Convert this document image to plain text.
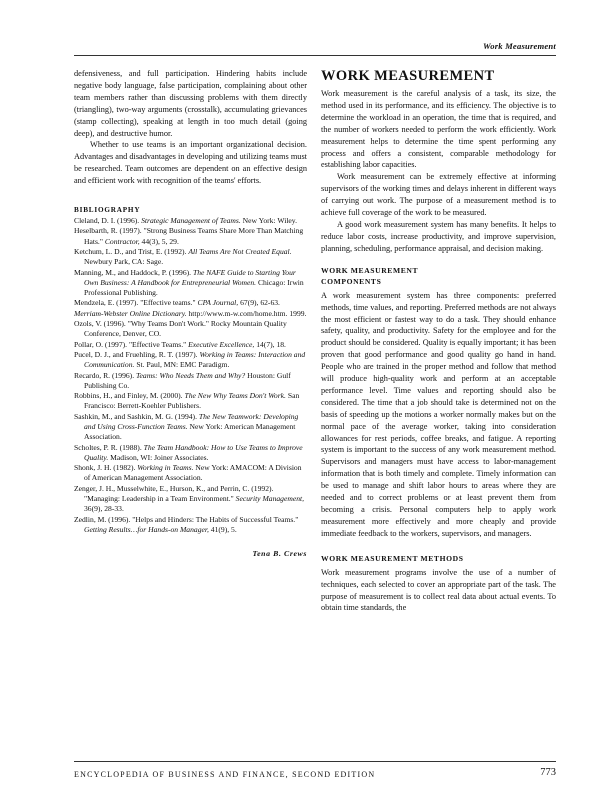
Work Measurement

defensiveness, and full participation. Hindering habits include negative body language, false participation, complaining about other team members rather than discussing problems with them directly (triangling), two-way arguments (crosstalk), accumulating grievances (stamp collecting), speaking at length in too much detail (going deep), and destructive humor.

Whether to use teams is an important organizational decision. Advantages and disadvantages in developing and utilizing teams must be researched. Team outcomes are dependent on an effective design and efficient work with recognition of the teams' efforts.

BIBLIOGRAPHY

Cleland, D. I. (1996). Strategic Management of Teams. New York: Wiley.

Heselbarth, R. (1997). "Strong Business Teams Share More Than Matching Hats." Contractor, 44(3), 5, 29.

Ketchum, L. D., and Trist, E. (1992). All Teams Are Not Created Equal. Newbury Park, CA: Sage.

Manning, M., and Haddock, P. (1996). The NAFE Guide to Starting Your Own Business: A Handbook for Entrepreneurial Women. Chicago: Irwin Professional Publishing.

Mendzela, E. (1997). "Effective teams." CPA Journal, 67(9), 62-63.

Merriam-Webster Online Dictionary. http://www.m-w.com/home.htm. 1999.

Ozols, V. (1996). "Why Teams Don't Work." Rocky Mountain Quality Conference, Denver, CO.

Pollar, O. (1997). "Effective Teams." Executive Excellence, 14(7), 18.

Pucel, D. J., and Fruehling, R. T. (1997). Working in Teams: Interaction and Communication. St. Paul, MN: EMC Paradigm.

Recardo, R. (1996). Teams: Who Needs Them and Why? Houston: Gulf Publishing Co.

Robbins, H., and Finley, M. (2000). The New Why Teams Don't Work. San Francisco: Berrett-Koehler Publishers.

Sashkin, M., and Sashkin, M. G. (1994). The New Teamwork: Developing and Using Cross-Function Teams. New York: American Management Association.

Scholtes, P. R. (1988). The Team Handbook: How to Use Teams to Improve Quality. Madison, WI: Joiner Associates.

Shonk, J. H. (1982). Working in Teams. New York: AMACOM: A Division of American Management Association.

Zenger, J. H., Musselwhite, E., Hurson, K., and Perrin, C. (1992). "Managing: Leadership in a Team Environment." Security Management, 36(9), 28-33.

Zedlin, M. (1996). "Helps and Hinders: The Habits of Successful Teams." Getting Results…for Hands-on Manager, 41(9), 5.

Tena B. Crews
WORK MEASUREMENT

Work measurement is the careful analysis of a task, its size, the method used in its performance, and its efficiency. The objective is to determine the workload in an operation, the time that is required, and the number of workers needed to perform the work efficiently. Work measurement helps to determine the time spent performing any process and offers a consistent, comparable methodology for establishing labor capacities.

Work measurement can be extremely effective at informing supervisors of the working times and delays inherent in different ways of carrying out work. The purpose of a measurement method is to achieve full coverage of the work to be measured.

A good work measurement system has many benefits. It helps to reduce labor costs, increase productivity, and improve supervision, planning, scheduling, performance appraisal, and decision making.

WORK MEASUREMENT
COMPONENTS

A work measurement system has three components: preferred methods, time values, and reporting. Preferred methods are not always the most efficient or fastest way to do a task. They should enhance safety, quality, and productivity. Safety for the employee and for the product should be considered. Quality is equally important; it has been proven that good performance and good quality go hand in hand. People who are trained in the proper method and follow that method will produce high-quality work and perform at an acceptable performance level. Time values and reporting should also be considered. The time that a job should take is determined not on the basis of speeding up the motions a worker normally makes but on the normal pace of the average worker, taking into consideration allowances for rest periods, coffee breaks, and fatigue. A reporting system is important to the success of any work measurement method. Supervisors and managers must have access to labor-management information that is both timely and complete. Timely information can be used to manage and shift labor hours to areas where they are needed and to correct problems or at least prevent them from becoming a crisis. Personal computers help to apply work measurement more effectively and more cheaply and provide immediate feedback to the workers, supervisors, and managers.

WORK MEASUREMENT METHODS

Work measurement programs involve the use of a number of techniques, each selected to cover an appropriate part of the task. The purpose of measurement is to collect real data about actual events. To obtain time standards, the

ENCYCLOPEDIA OF BUSINESS AND FINANCE, SECOND EDITION	773
